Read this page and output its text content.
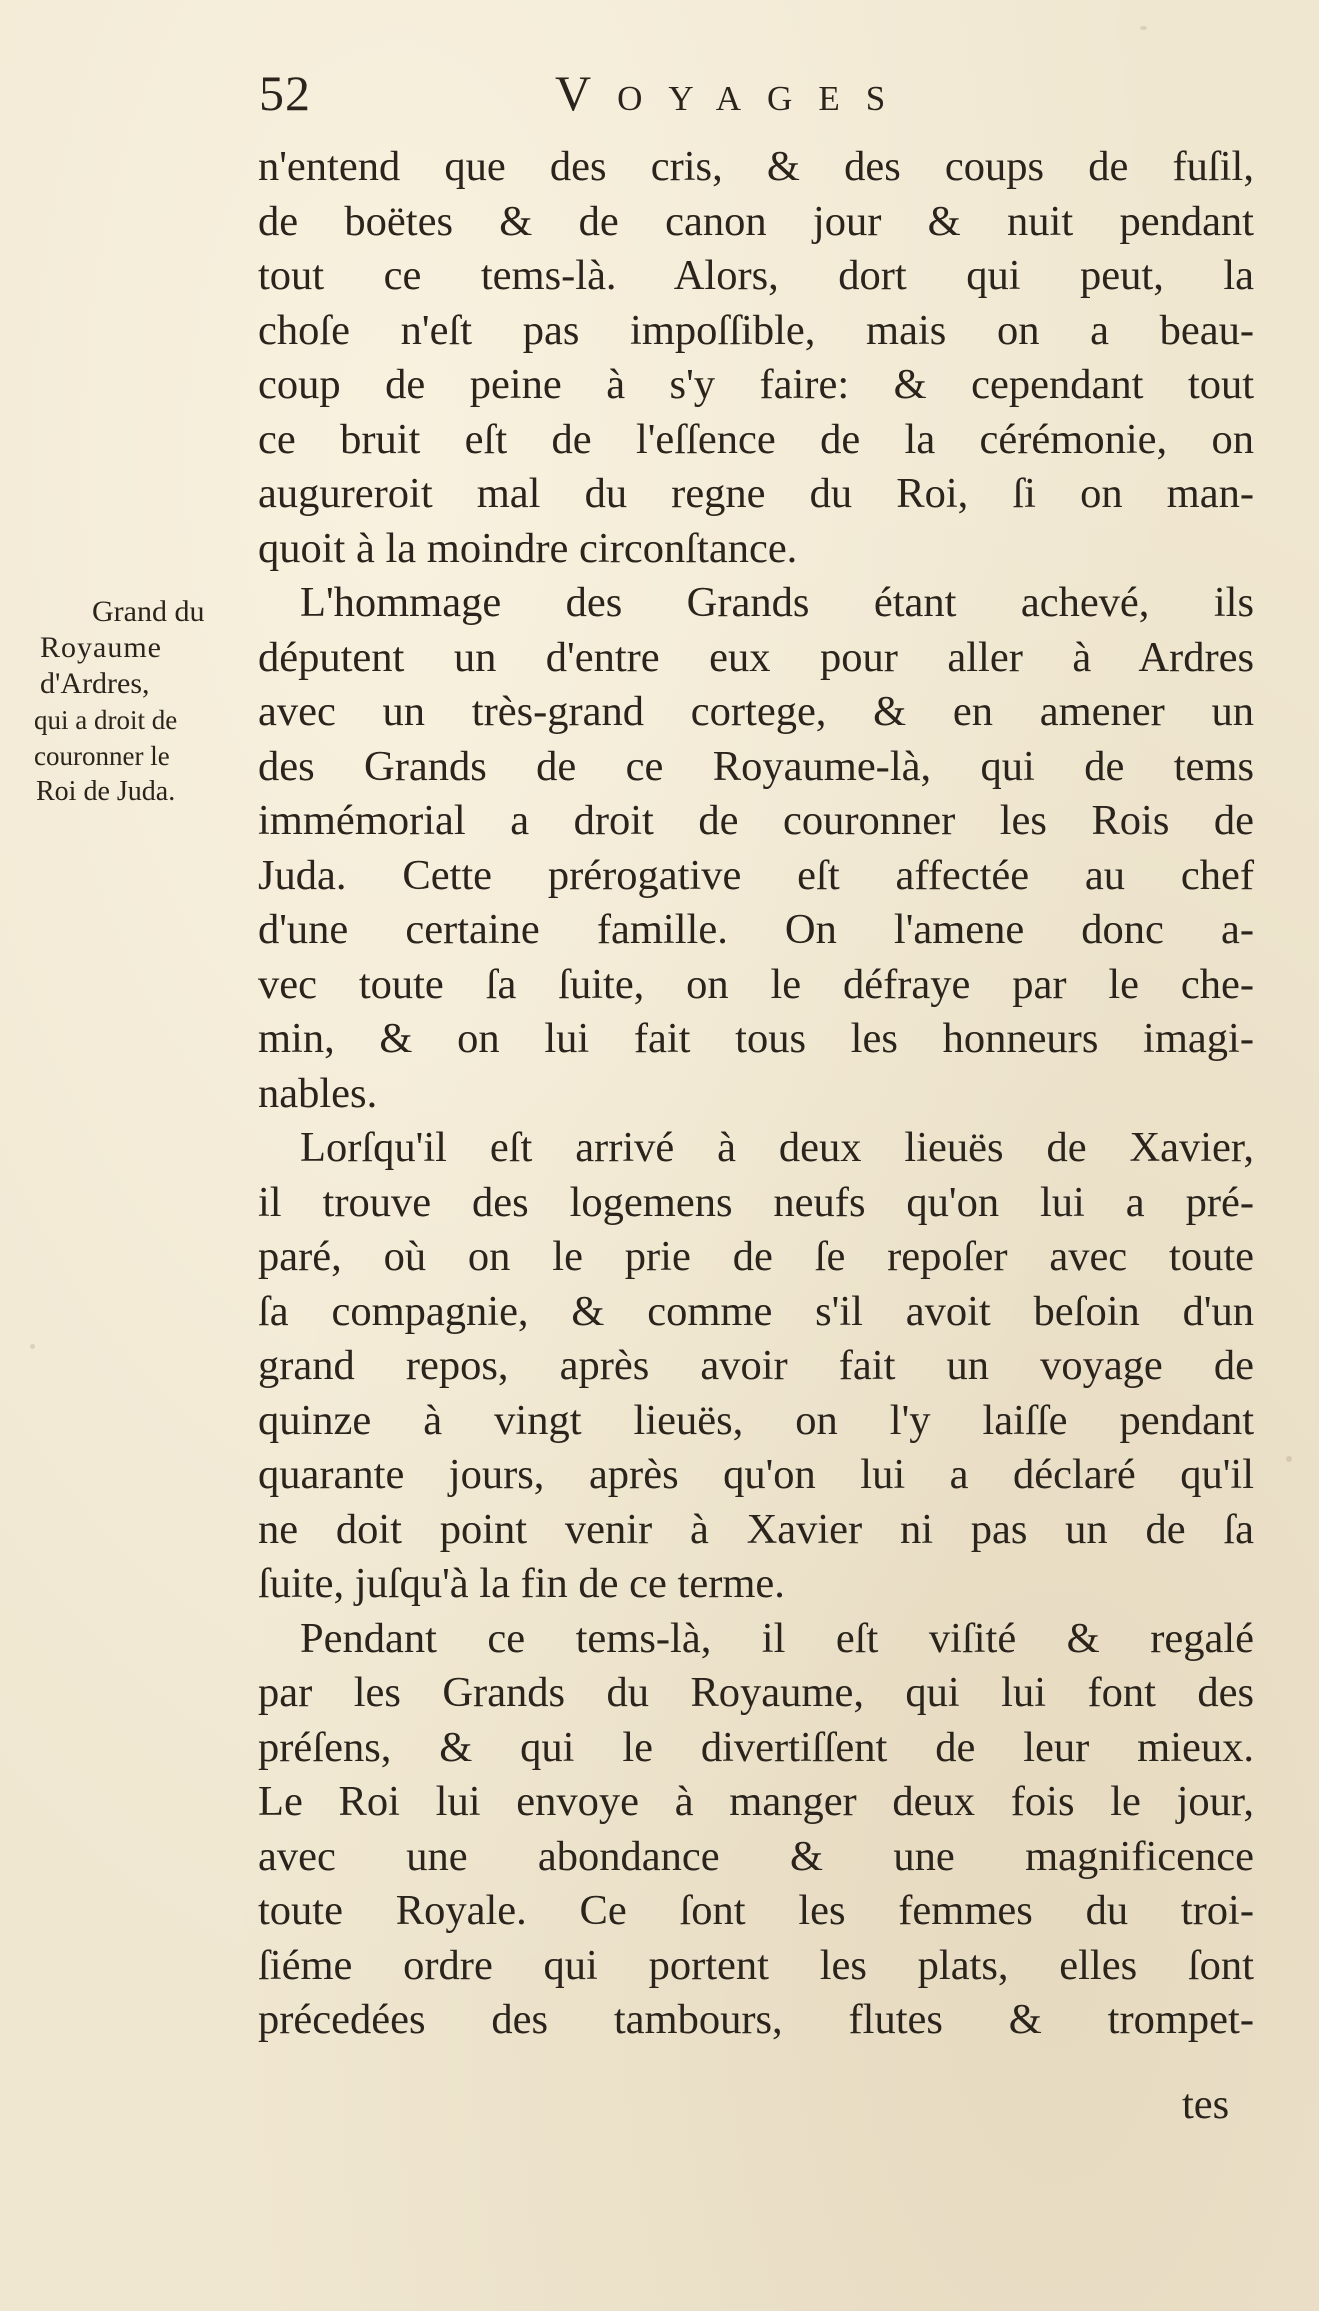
52	Voyages
Grand du
Royaume
d'Ardres,
qui a droit de
couronner le
Roi de Juda.
n'entend que des cris, & des coups de fuſil,
de boëtes & de canon jour & nuit pendant
tout ce tems-là. Alors, dort qui peut, la
choſe n'eſt pas impoſſible, mais on a beau-
coup de peine à s'y faire: & cependant tout
ce bruit eſt de l'eſſence de la cérémonie, on
augureroit mal du regne du Roi, ſi on man-
quoit à la moindre circonſtance.
L'hommage des Grands étant achevé, ils
députent un d'entre eux pour aller à Ardres
avec un très-grand cortege, & en amener un
des Grands de ce Royaume-là, qui de tems
immémorial a droit de couronner les Rois de
Juda. Cette prérogative eſt affectée au chef
d'une certaine famille. On l'amene donc a-
vec toute ſa ſuite, on le défraye par le che-
min, & on lui fait tous les honneurs imagi-
nables.
Lorſqu'il eſt arrivé à deux lieuës de Xavier,
il trouve des logemens neufs qu'on lui a pré-
paré, où on le prie de ſe repoſer avec toute
ſa compagnie, & comme s'il avoit beſoin d'un
grand repos, après avoir fait un voyage de
quinze à vingt lieuës, on l'y laiſſe pendant
quarante jours, après qu'on lui a déclaré qu'il
ne doit point venir à Xavier ni pas un de ſa
ſuite, juſqu'à la fin de ce terme.
Pendant ce tems-là, il eſt viſité & regalé
par les Grands du Royaume, qui lui font des
préſens, & qui le divertiſſent de leur mieux.
Le Roi lui envoye à manger deux fois le jour,
avec une abondance & une magnificence
toute Royale. Ce ſont les femmes du troi-
ſiéme ordre qui portent les plats, elles ſont
précedées des tambours, flutes & trompet-
tes
